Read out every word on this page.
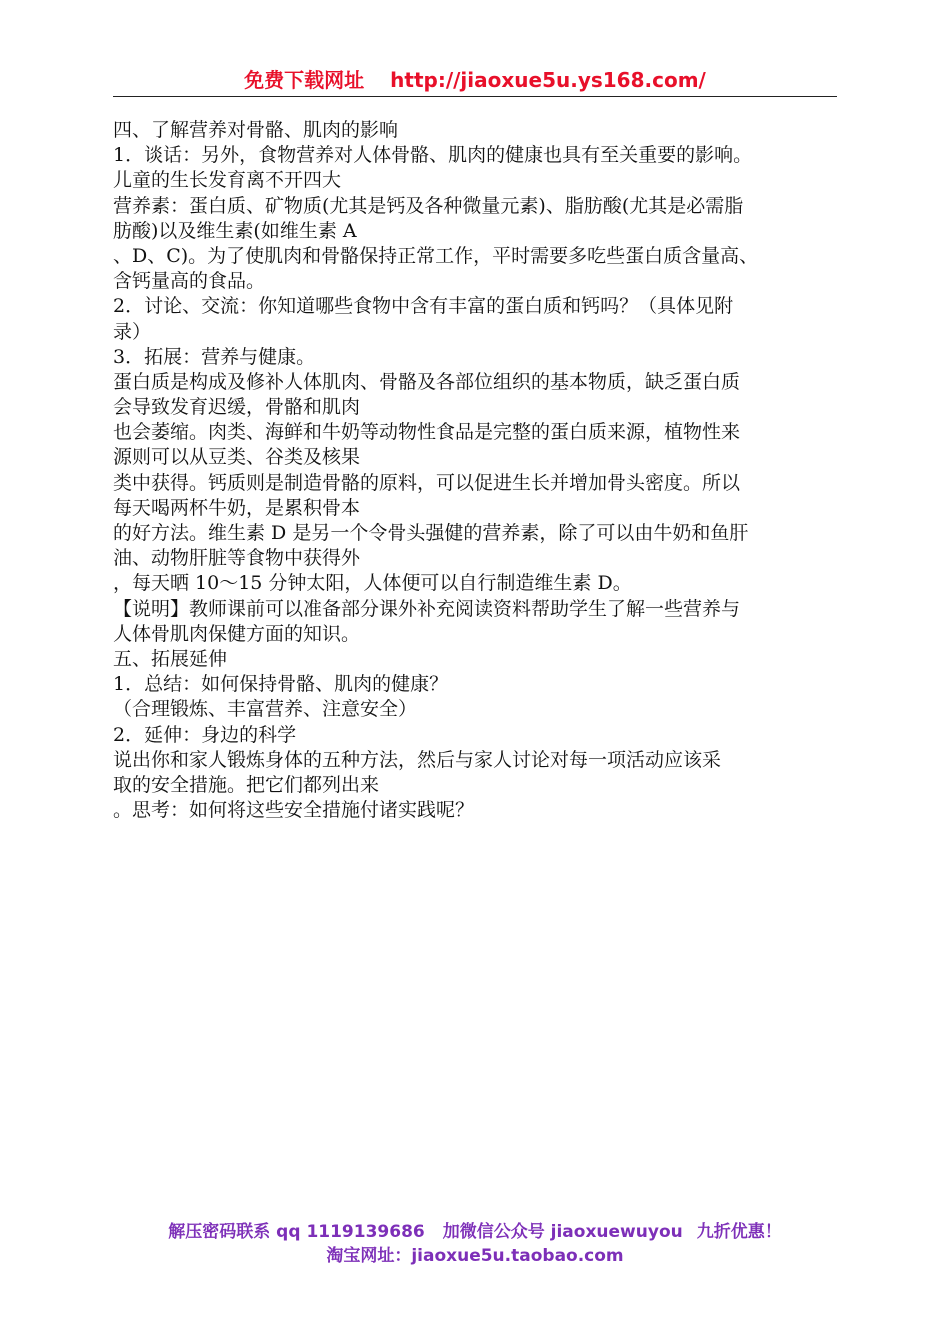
免费下载网址 http://jiaoxue5u.ys168.com/
四、了解营养对骨骼、肌肉的影响
1．谈话：另外，食物营养对人体骨骼、肌肉的健康也具有至关重要的影响。
儿童的生长发育离不开四大
营养素：蛋白质、矿物质(尤其是钙及各种微量元素)、脂肪酸(尤其是必需脂
肪酸)以及维生素(如维生素 A
、D、C)。为了使肌肉和骨骼保持正常工作，平时需要多吃些蛋白质含量高、
含钙量高的食品。
2．讨论、交流：你知道哪些食物中含有丰富的蛋白质和钙吗？（具体见附
录）
3．拓展：营养与健康。
蛋白质是构成及修补人体肌肉、骨骼及各部位组织的基本物质，缺乏蛋白质
会导致发育迟缓，骨骼和肌肉
也会萎缩。肉类、海鲜和牛奶等动物性食品是完整的蛋白质来源，植物性来
源则可以从豆类、谷类及核果
类中获得。钙质则是制造骨骼的原料，可以促进生长并增加骨头密度。所以
每天喝两杯牛奶，是累积骨本
的好方法。维生素 D 是另一个令骨头强健的营养素，除了可以由牛奶和鱼肝
油、动物肝脏等食物中获得外
，每天晒 10～15 分钟太阳，人体便可以自行制造维生素 D。
【说明】教师课前可以准备部分课外补充阅读资料帮助学生了解一些营养与
人体骨肌肉保健方面的知识。
五、拓展延伸
1．总结：如何保持骨骼、肌肉的健康？
（合理锻炼、丰富营养、注意安全）
2．延伸：身边的科学
说出你和家人锻炼身体的五种方法，然后与家人讨论对每一项活动应该采
取的安全措施。把它们都列出来
。思考：如何将这些安全措施付诸实践呢？
解压密码联系 qq 1119139686 加微信公众号 jiaoxuewuyou 九折优惠！
淘宝网址：jiaoxue5u.taobao.com
